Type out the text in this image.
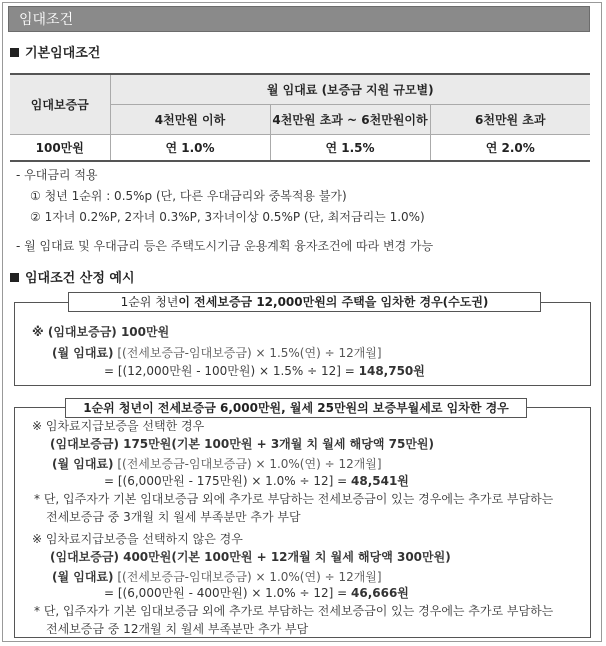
임대조건
기본임대조건
임대보증금	월 임대료 (보증금 지원 규모별)		
	4천만원 이하	4천만원 초과 ~ 6천만원이하	6천만원 초과
100만원	연 1.0%	연 1.5%	연 2.0%
- 우대금리 적용
① 청년 1순위 : 0.5%p (단, 다른 우대금리와 중복적용 불가)
② 1자녀 0.2%P, 2자녀 0.3%P, 3자녀이상 0.5%P (단, 최저금리는 1.0%)
- 월 임대료 및 우대금리 등은 주택도시기금 운용계획 융자조건에 따라 변경 가능
임대조건 산정 예시
1순위 청년이 전세보증금 12,000만원의 주택을 임차한 경우(수도권)
※ (임대보증금) 100만원
(월 임대료) [(전세보증금-임대보증금) × 1.5%(연) ÷ 12개월]
= [(12,000만원 - 100만원) × 1.5% ÷ 12] = 148,750원
1순위 청년이 전세보증금 6,000만원, 월세 25만원의 보증부월세로 임차한 경우
※ 임차료지급보증을 선택한 경우
(임대보증금) 175만원(기본 100만원 + 3개월 치 월세 해당액 75만원)
(월 임대료) [(전세보증금-임대보증금) × 1.0%(연) ÷ 12개월]
= [(6,000만원 - 175만원) × 1.0% ÷ 12] = 48,541원
* 단, 입주자가 기본 임대보증금 외에 추가로 부담하는 전세보증금이 있는 경우에는 추가로 부담하는
전세보증금 중 3개월 치 월세 부족분만 추가 부담
※ 임차료지급보증을 선택하지 않은 경우
(임대보증금) 400만원(기본 100만원 + 12개월 치 월세 해당액 300만원)
(월 임대료) [(전세보증금-임대보증금) × 1.0%(연) ÷ 12개월]
= [(6,000만원 - 400만원) × 1.0% ÷ 12] = 46,666원
* 단, 입주자가 기본 임대보증금 외에 추가로 부담하는 전세보증금이 있는 경우에는 추가로 부담하는
전세보증금 중 12개월 치 월세 부족분만 추가 부담
